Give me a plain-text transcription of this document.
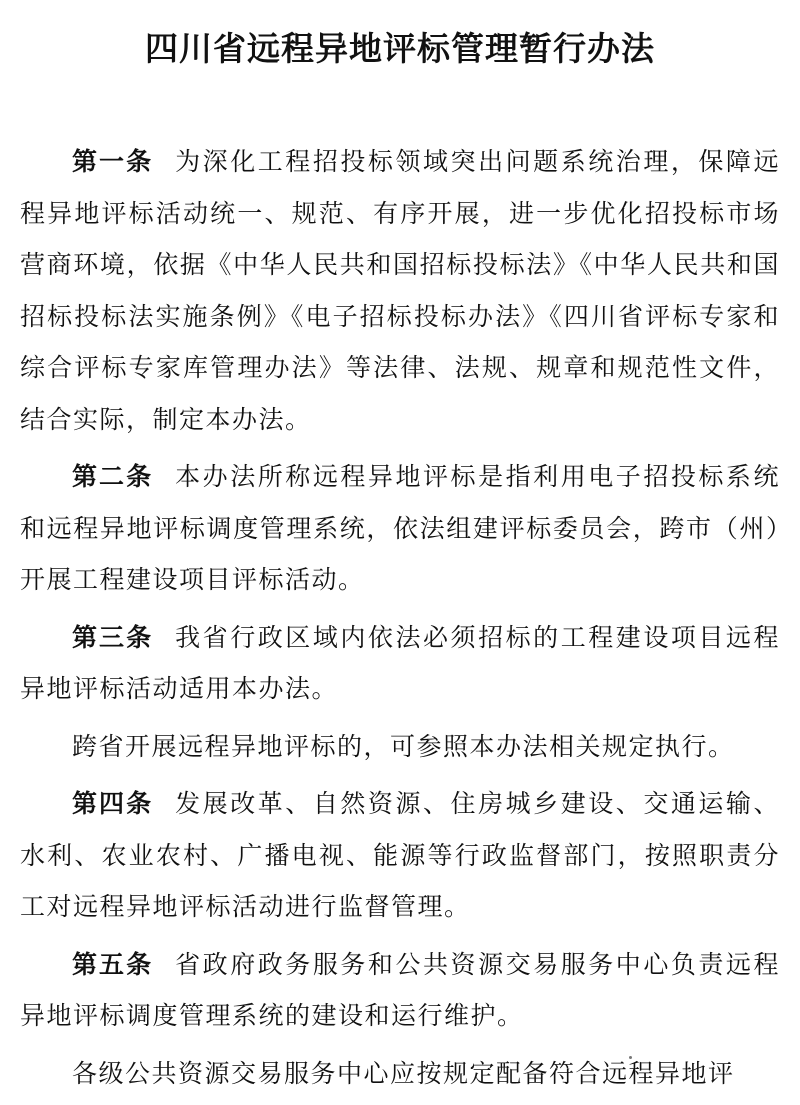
四川省远程异地评标管理暂行办法

第一条 为深化工程招投标领域突出问题系统治理，保障远程异地评标活动统一、规范、有序开展，进一步优化招投标市场营商环境，依据《中华人民共和国招标投标法》《中华人民共和国招标投标法实施条例》《电子招标投标办法》《四川省评标专家和综合评标专家库管理办法》等法律、法规、规章和规范性文件，结合实际，制定本办法。

第二条 本办法所称远程异地评标是指利用电子招投标系统和远程异地评标调度管理系统，依法组建评标委员会，跨市（州）开展工程建设项目评标活动。

第三条 我省行政区域内依法必须招标的工程建设项目远程异地评标活动适用本办法。

跨省开展远程异地评标的，可参照本办法相关规定执行。

第四条 发展改革、自然资源、住房城乡建设、交通运输、水利、农业农村、广播电视、能源等行政监督部门，按照职责分工对远程异地评标活动进行监督管理。

第五条 省政府政务服务和公共资源交易服务中心负责远程异地评标调度管理系统的建设和运行维护。

各级公共资源交易服务中心应按规定配备符合远程异地评
